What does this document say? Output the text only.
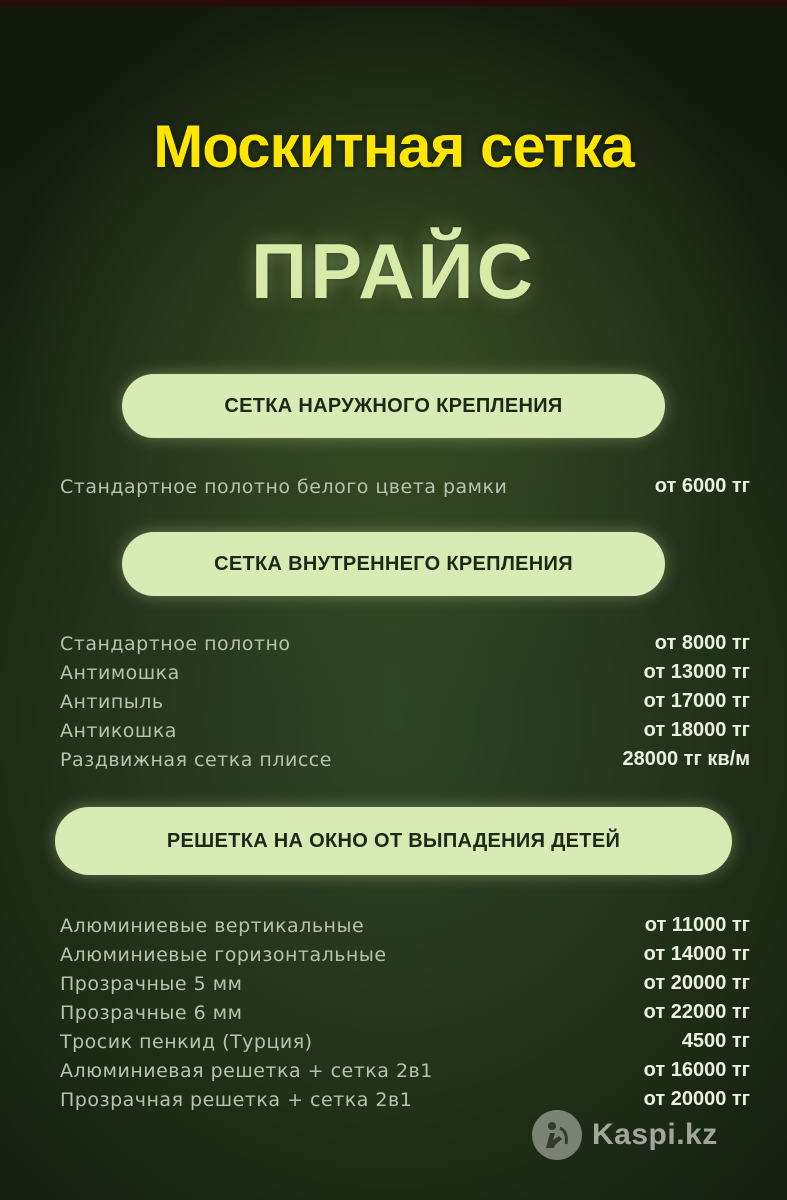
Москитная сетка
ПРАЙС
СЕТКА НАРУЖНОГО КРЕПЛЕНИЯ
Стандартное полотно белого цвета рамки	от 6000 тг
СЕТКА ВНУТРЕННЕГО КРЕПЛЕНИЯ
Стандартное полотно	от 8000 тг
Антимошка	от 13000 тг
Антипыль	от 17000 тг
Антикошка	от 18000 тг
Раздвижная сетка плиссе	28000 тг кв/м
РЕШЕТКА НА ОКНО ОТ ВЫПАДЕНИЯ ДЕТЕЙ
Алюминиевые вертикальные	от 11000 тг
Алюминиевые горизонтальные	от 14000 тг
Прозрачные 5 мм	от 20000 тг
Прозрачные 6 мм	от 22000 тг
Тросик пенкид (Турция)	4500 тг
Алюминиевая решетка + сетка 2в1	от 16000 тг
Прозрачная решетка + сетка 2в1	от 20000 тг
Kaspi.kz
